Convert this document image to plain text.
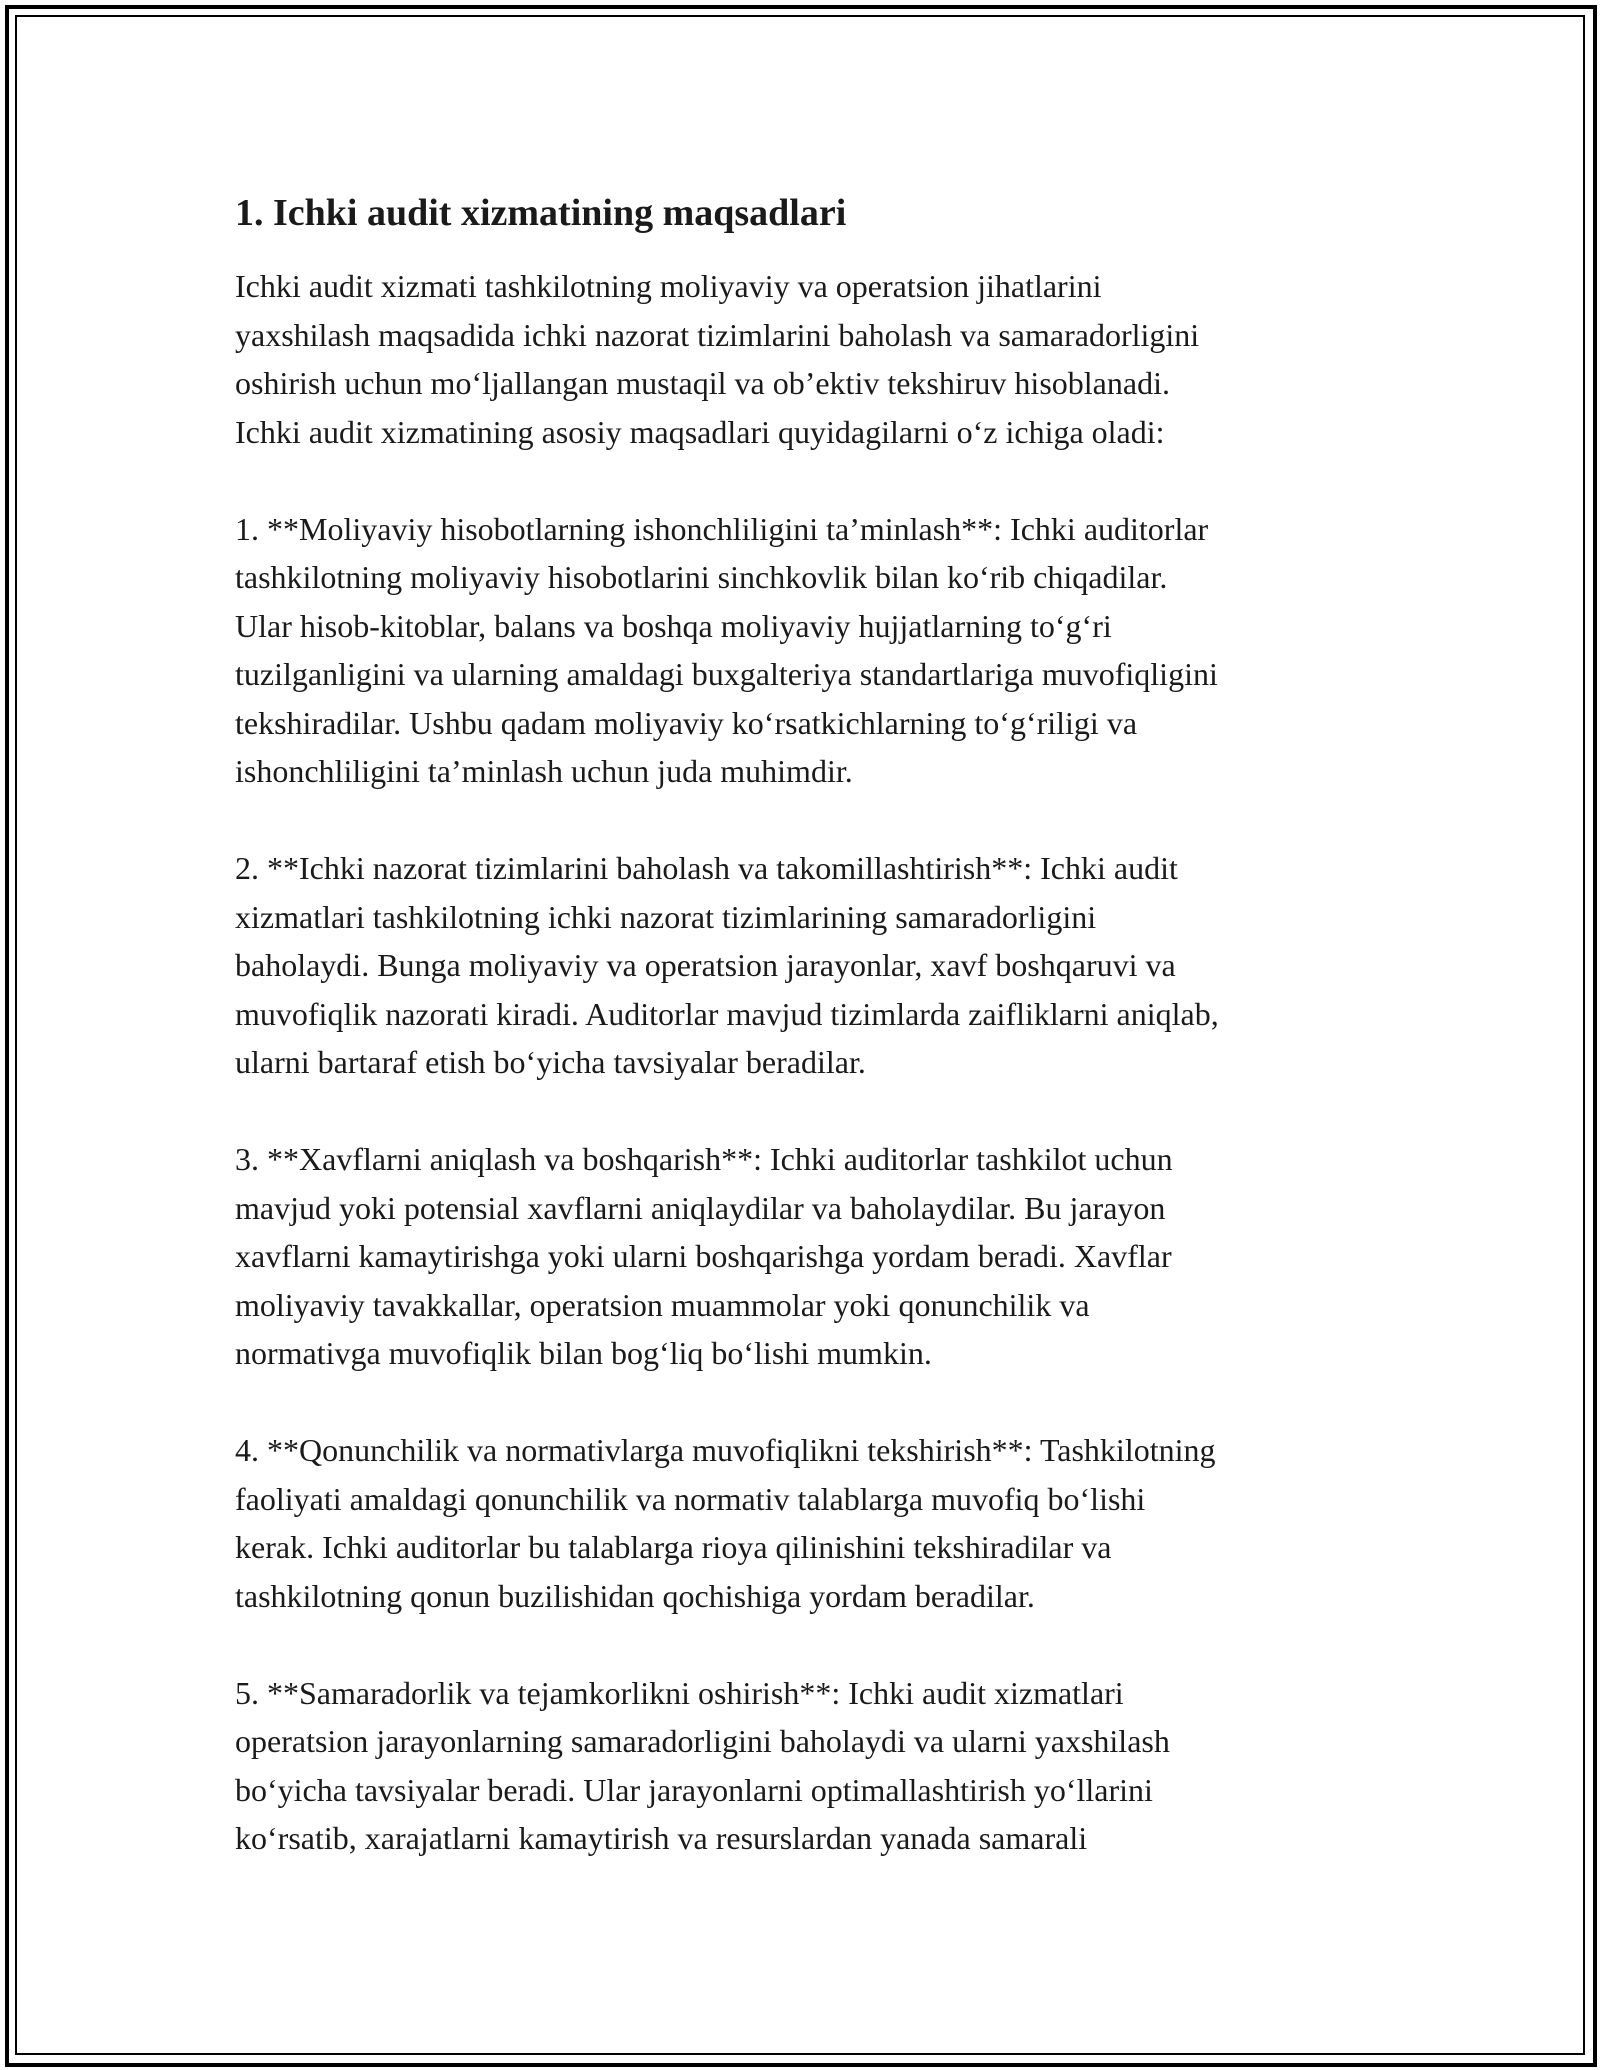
1. Ichki audit xizmatining maqsadlari

Ichki audit xizmati tashkilotning moliyaviy va operatsion jihatlarini
yaxshilash maqsadida ichki nazorat tizimlarini baholash va samaradorligini
oshirish uchun mo‘ljallangan mustaqil va ob’ektiv tekshiruv hisoblanadi.
Ichki audit xizmatining asosiy maqsadlari quyidagilarni o‘z ichiga oladi:

1. **Moliyaviy hisobotlarning ishonchliligini ta’minlash**: Ichki auditorlar
tashkilotning moliyaviy hisobotlarini sinchkovlik bilan ko‘rib chiqadilar.
Ular hisob-kitoblar, balans va boshqa moliyaviy hujjatlarning to‘g‘ri
tuzilganligini va ularning amaldagi buxgalteriya standartlariga muvofiqligini
tekshiradilar. Ushbu qadam moliyaviy ko‘rsatkichlarning to‘g‘riligi va
ishonchliligini ta’minlash uchun juda muhimdir.

2. **Ichki nazorat tizimlarini baholash va takomillashtirish**: Ichki audit
xizmatlari tashkilotning ichki nazorat tizimlarining samaradorligini
baholaydi. Bunga moliyaviy va operatsion jarayonlar, xavf boshqaruvi va
muvofiqlik nazorati kiradi. Auditorlar mavjud tizimlarda zaifliklarni aniqlab,
ularni bartaraf etish bo‘yicha tavsiyalar beradilar.

3. **Xavflarni aniqlash va boshqarish**: Ichki auditorlar tashkilot uchun
mavjud yoki potensial xavflarni aniqlaydilar va baholaydilar. Bu jarayon
xavflarni kamaytirishga yoki ularni boshqarishga yordam beradi. Xavflar
moliyaviy tavakkallar, operatsion muammolar yoki qonunchilik va
normativga muvofiqlik bilan bog‘liq bo‘lishi mumkin.

4. **Qonunchilik va normativlarga muvofiqlikni tekshirish**: Tashkilotning
faoliyati amaldagi qonunchilik va normativ talablarga muvofiq bo‘lishi
kerak. Ichki auditorlar bu talablarga rioya qilinishini tekshiradilar va
tashkilotning qonun buzilishidan qochishiga yordam beradilar.

5. **Samaradorlik va tejamkorlikni oshirish**: Ichki audit xizmatlari
operatsion jarayonlarning samaradorligini baholaydi va ularni yaxshilash
bo‘yicha tavsiyalar beradi. Ular jarayonlarni optimallashtirish yo‘llarini
ko‘rsatib, xarajatlarni kamaytirish va resurslardan yanada samarali
